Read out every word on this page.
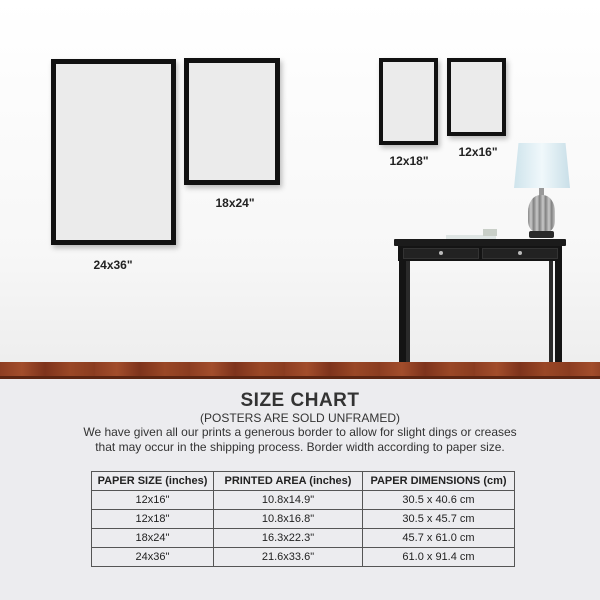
24x36"
18x24"
12x18"
12x16"
SIZE CHART
(POSTERS ARE SOLD UNFRAMED)
We have given all our prints a generous border to allow for slight dings or creases that may occur in the shipping process. Border width according to paper size.
PAPER SIZE (inches)	PRINTED AREA (inches)	PAPER DIMENSIONS (cm)
12x16"	10.8x14.9"	30.5 x 40.6 cm
12x18"	10.8x16.8"	30.5 x 45.7 cm
18x24"	16.3x22.3"	45.7 x 61.0 cm
24x36"	21.6x33.6"	61.0 x 91.4 cm
